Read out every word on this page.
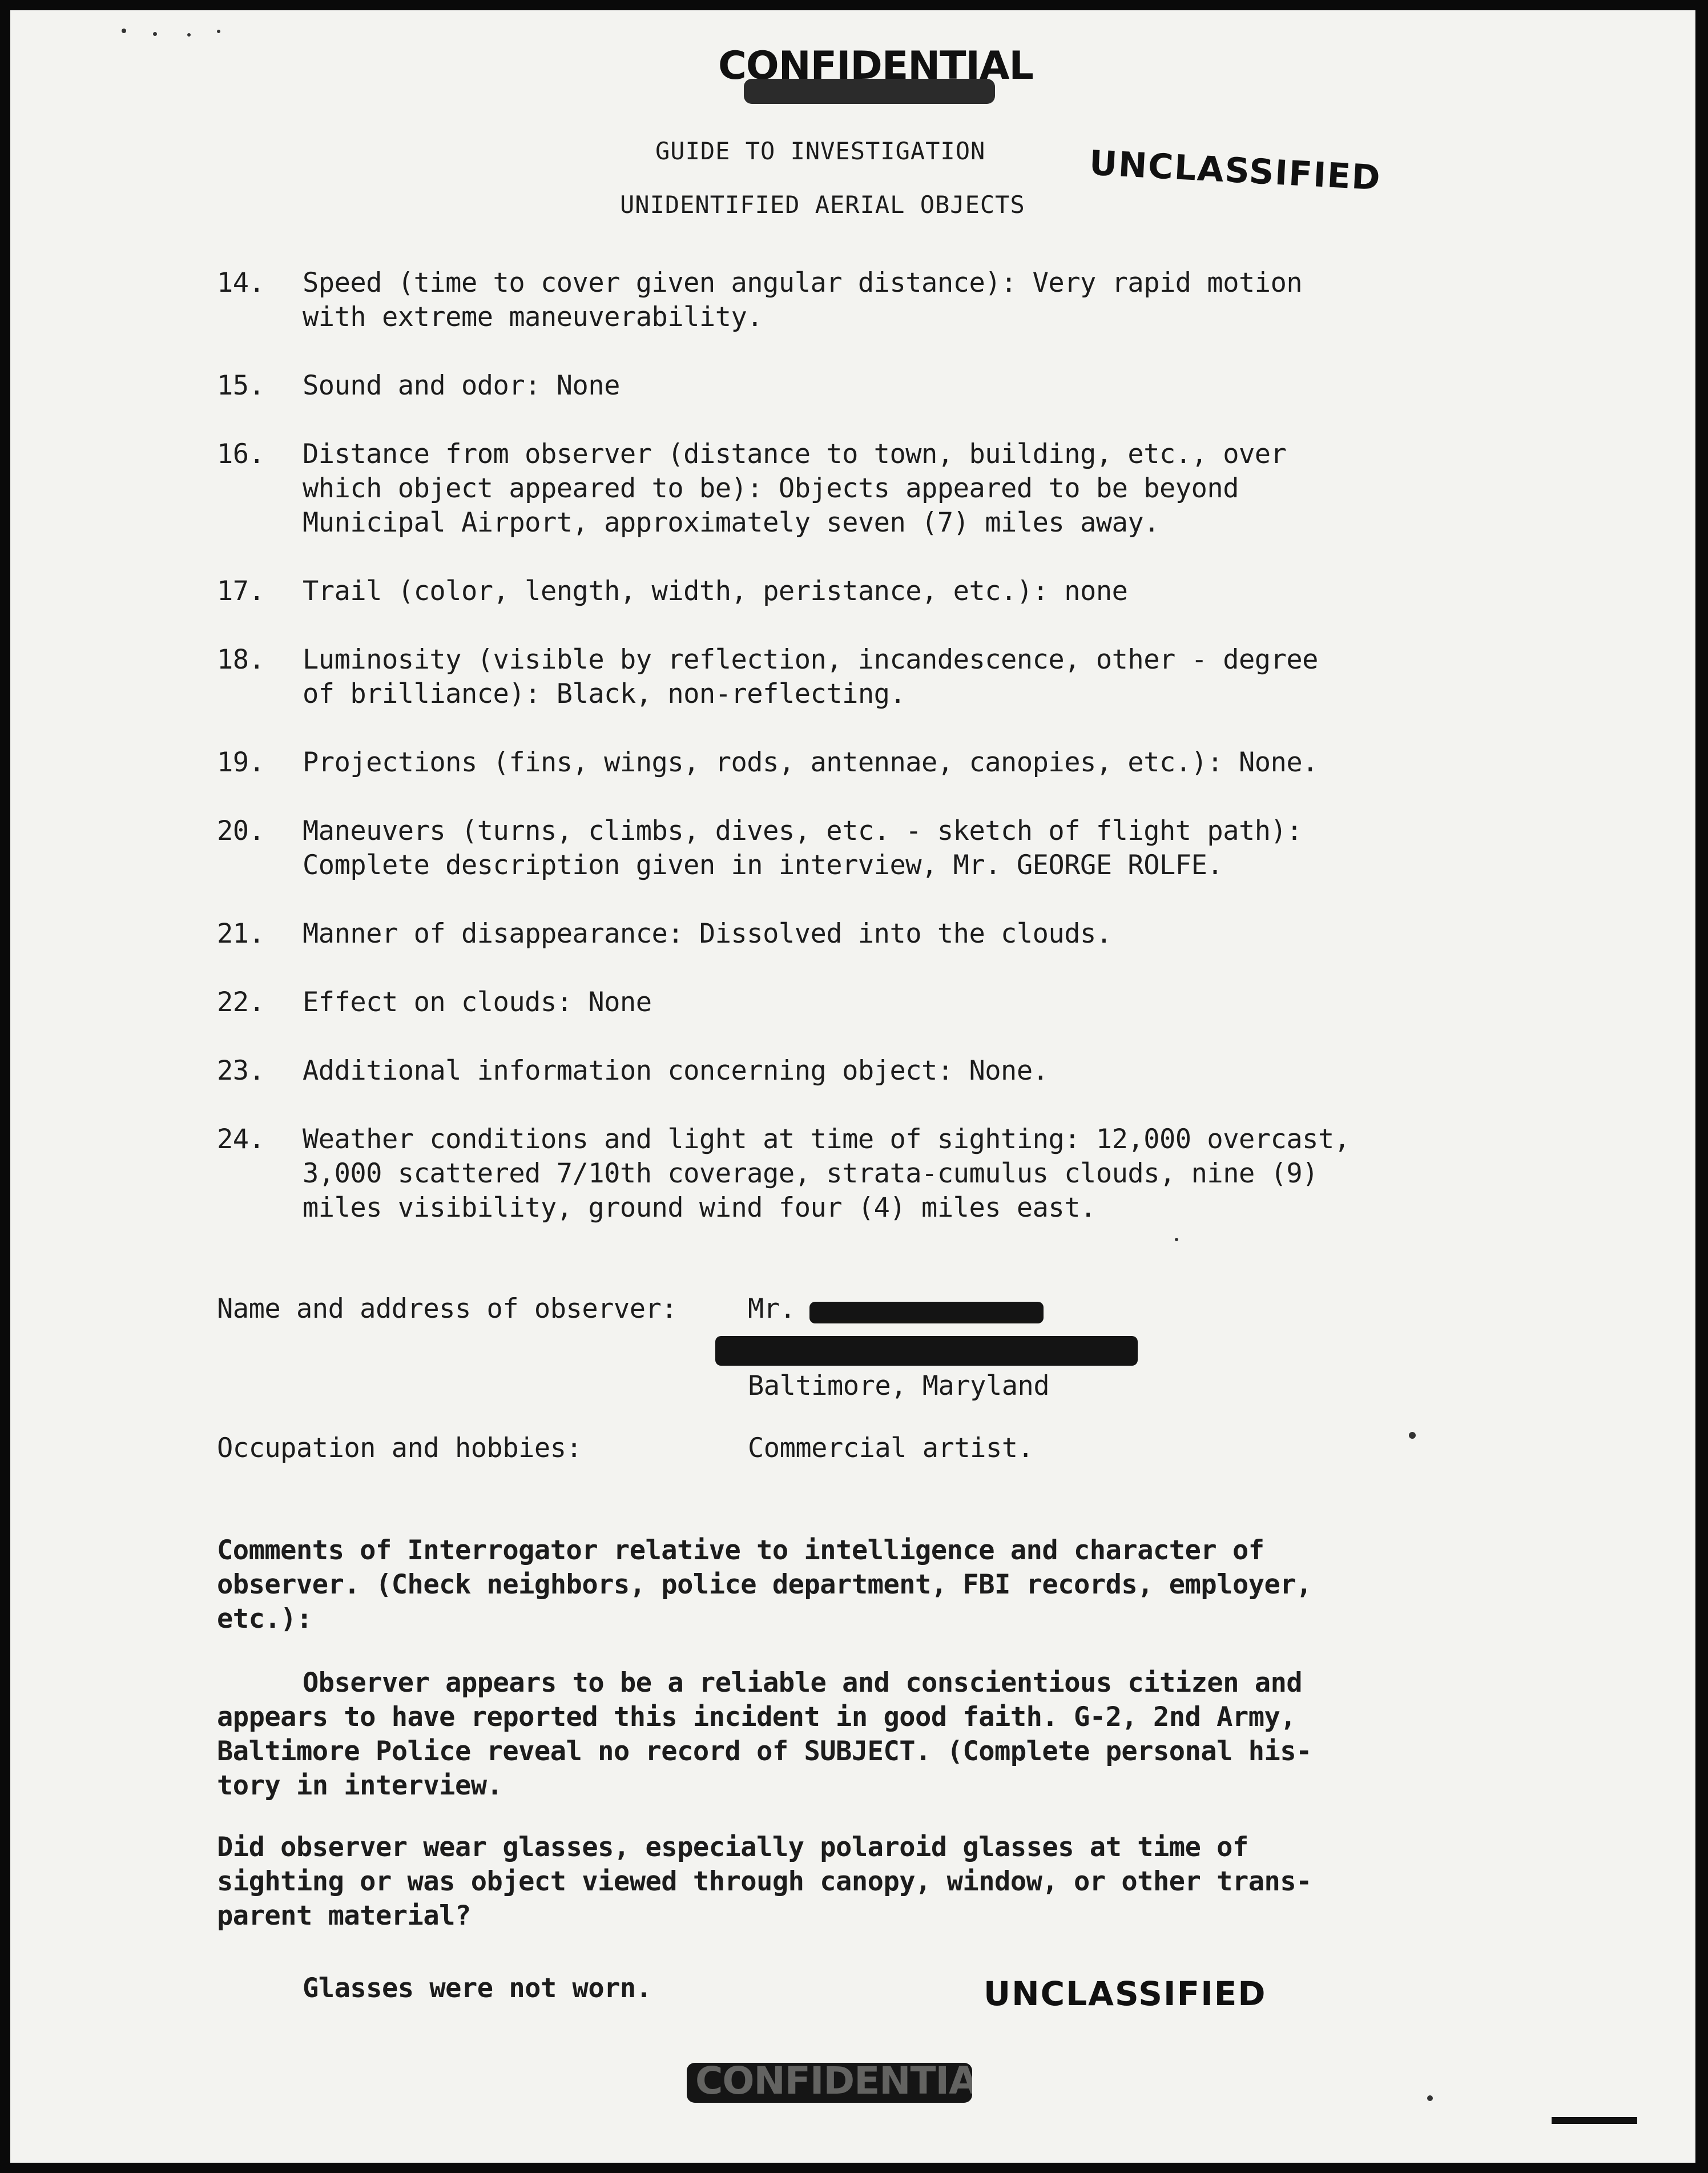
CONFIDENTIAL
GUIDE TO INVESTIGATION
UNIDENTIFIED AERIAL OBJECTS
UNCLASSIFIED
14. Speed (time to cover given angular distance): Very rapid motion
with extreme maneuverability.
15. Sound and odor: None
16. Distance from observer (distance to town, building, etc., over
which object appeared to be): Objects appeared to be beyond
Municipal Airport, approximately seven (7) miles away.
17. Trail (color, length, width, peristance, etc.): none
18. Luminosity (visible by reflection, incandescence, other - degree
of brilliance): Black, non-reflecting.
19. Projections (fins, wings, rods, antennae, canopies, etc.): None.
20. Maneuvers (turns, climbs, dives, etc. - sketch of flight path):
Complete description given in interview, Mr. GEORGE ROLFE.
21. Manner of disappearance: Dissolved into the clouds.
22. Effect on clouds: None
23. Additional information concerning object: None.
24. Weather conditions and light at time of sighting: 12,000 overcast,
3,000 scattered 7/10th coverage, strata-cumulus clouds, nine (9)
miles visibility, ground wind four (4) miles east.
Name and address of observer:	Mr.
Baltimore, Maryland
Occupation and hobbies:	Commercial artist.
Comments of Interrogator relative to intelligence and character of
observer. (Check neighbors, police department, FBI records, employer,
etc.):
Observer appears to be a reliable and conscientious citizen and
appears to have reported this incident in good faith. G-2, 2nd Army,
Baltimore Police reveal no record of SUBJECT. (Complete personal his-
tory in interview.
Did observer wear glasses, especially polaroid glasses at time of
sighting or was object viewed through canopy, window, or other trans-
parent material?
Glasses were not worn.	UNCLASSIFIED
CONFIDENTIAL
